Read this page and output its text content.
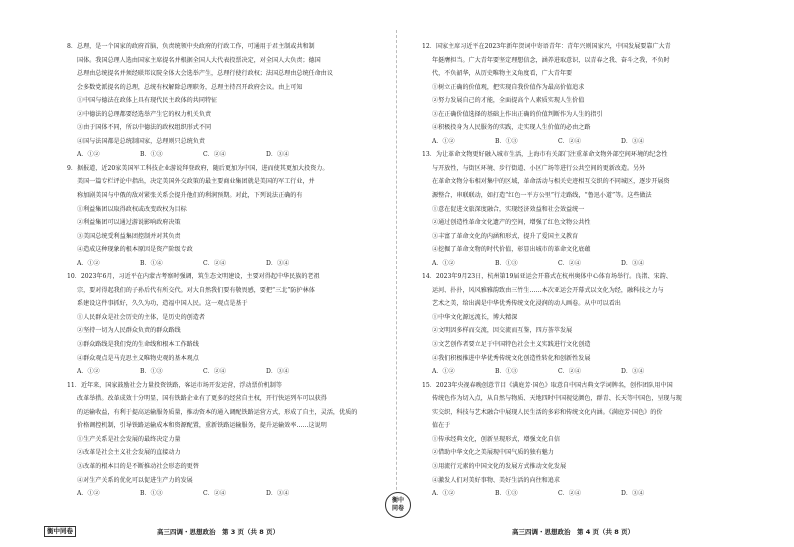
8．总理，是一个国家的政府首脑，负责统领中央政府的行政工作，可通用于君主制或共和制
国体。我国总理人选由国家主席提名并根据全国人大代表投票决定，对全国人大负责；德国
总理由总统提名并须经联邦议院全体大会选举产生，总理行使行政权；法国总理由总统任命由议
会多数党派提名的总理，总统有权解除总理职务，总理主持召开政府会议。由上可知
①中国与德法在政体上具有现代民主政体的共同特征
②中德法的总理都要经选举产生它的权力机关负责
③由于国体不同，所以中德法的政权组织形式不同
④国与法国都是总统制国家，总理则只总统负责
A．①②	B．①③	C．②④	D．③④
9．据报道，近20家美国军工科技企业游说拜登政府，随后更加为中国，进而使其更加大投资力。
美国一篇专栏评论中指出，决定美国外交政策的最主要商业集团就是美国的军工行业，并
称加剧美国与中俄的敌对紧张关系会提升他们的利润预期。对此，下列说法正确的有
①利益集团以取得政权或改变政权为目标
②利益集团可以通过游说影响政府决策
③美国总统受利益集团控制并对其负责
④造成这种现象的根本原因是资产阶级专政
A．①②	B．①④	C．②④	D．③④
10．2023年6月，习近平在内蒙古考察时强调，筑生态文明建设，主要对得起中华民族的老祖
宗，要对得起我们的子孙后代有所交代。对大自然我们要有敬畏感，要把“三北”防护林体
系建设这件事抓好，久久为功，造福中国人民。这一观点是基于
①人民群众是社会历史的主体，是历史的创造者
②坚持一切为人民群众负责的群众路线
③群众路线是我们党的生命线和根本工作路线
④群众观点是马克思主义唯物史观的基本观点
A．①②	B．①③	C．②④	D．③④
11．近年来，国家鼓励社会力量投资铁路，客运市场开发运营，浮动票价机制等
改革举措。改革成效十分明显，国有铁路企业有了更多的经营自主权，开行快运列车可以获得
的运输收益，有利于提高运输服务质量，推动资本的通入调配铁路运营方式，形成了自主，灵活，优质的
价格调控机制，引导铁路运输成本和资源配置，重新铁路运输服务，提升运输效率……这说明
①生产关系是社会发展的最终决定力量
②改革是社会主义社会发展的直接动力
③改革的根本目的是不断推动社会形态的更替
④对生产关系的优化可以促进生产力的发展
A．①②	B．①③	C．②④	D．③④
12．国家主席习近平在2023年新年贺词中寄语青年：青年兴则国家兴，中国发展要靠广大青
年挺膺担当。广大青年要坚定理想信念，涵养进取意识，以青春之我、奋斗之我，不负时
代，不负韶华，从历史唯物主义角度看，广大青年要
①树立正确的价值观，把实现自我价值作为最高价值追求
②努力发展自己的才能，全面提高个人素质实现人生价值
③在正确价值选择的基础上作出正确的价值判断作为人生的指引
④积极投身为人民服务的实践，走实现人生价值的必由之路
A．①②	B．①③	C．②④	D．③④
13．为让革命文物更好融入城市生活，上海市有关部门注重革命文物外部空间环境的纪念性
与开放性，与街区环境、步行街道、小区广场等进行公共空间的更新改造。另外
在革命文物分布相对集中的区域，革命活动与相关史迹相互交织的不同城区，逐步开展资
源整合，串联联动，如打造“红色一平方公里”行走路线，“鲁迅小道”等。这些做法
①意在促进文旅深度融合，实现经济效益和社会效益统一
②通过创造性革命文化遗产的空间，增强了红色文物公共性
③丰富了革命文化的内涵和形式，提升了爱国主义教育
④挖掘了革命文物的时代价值，彰显出城市的革命文化底蕴
A．①②	B．①③	C．②④	D．③④
14．2023年9月23日，杭州第19届亚运会开幕式在杭州奥体中心体育场举行。良渚、宋韵、
运河、扑扑，风风雅雅韵致由三竹生……本次亚运会开幕式以文化为经，融科技之力与
艺术之美，给出满是中华优秀传统文化浸润的动人画卷。从中可以看出
①中华文化源远流长，博大精深
②文明因多样而交流，因交流而互鉴，四方荟萃发展
③文艺创作者要立足于中国特色社会主义实践进行文化创造
④我们积极推进中华优秀传统文化创造性转化和创新性发展
A．①②	B．①③	C．②④	D．③④
15．2023年央视春晚创意节目《满庭芳·国色》取意自中国古典文学词牌名，创作团队用中国
传统色作为切入点，从自然与物质、天地四时中国视觉颜色，群青、长天等中国色，呈现与现
实交织，科技与艺术融合中展现人民生活的多彩和传统文化内涵。《满庭芳·国色》的价
值在于
①传承经典文化，创新呈现形式，增强文化自信
②借助中华文化之美展现中国气质的独有魅力
③用流行元素的中国文化的发展方式推动文化发展
④激发人们对美好事物、美好生活的向往和追求
A．①②	B．①③	C．②④	D．③④
衡中
同卷
衡中同卷	高三四调・思想政治　第 3 页（共 8 页）	高三四调・思想政治　第 4 页（共 8 页）
